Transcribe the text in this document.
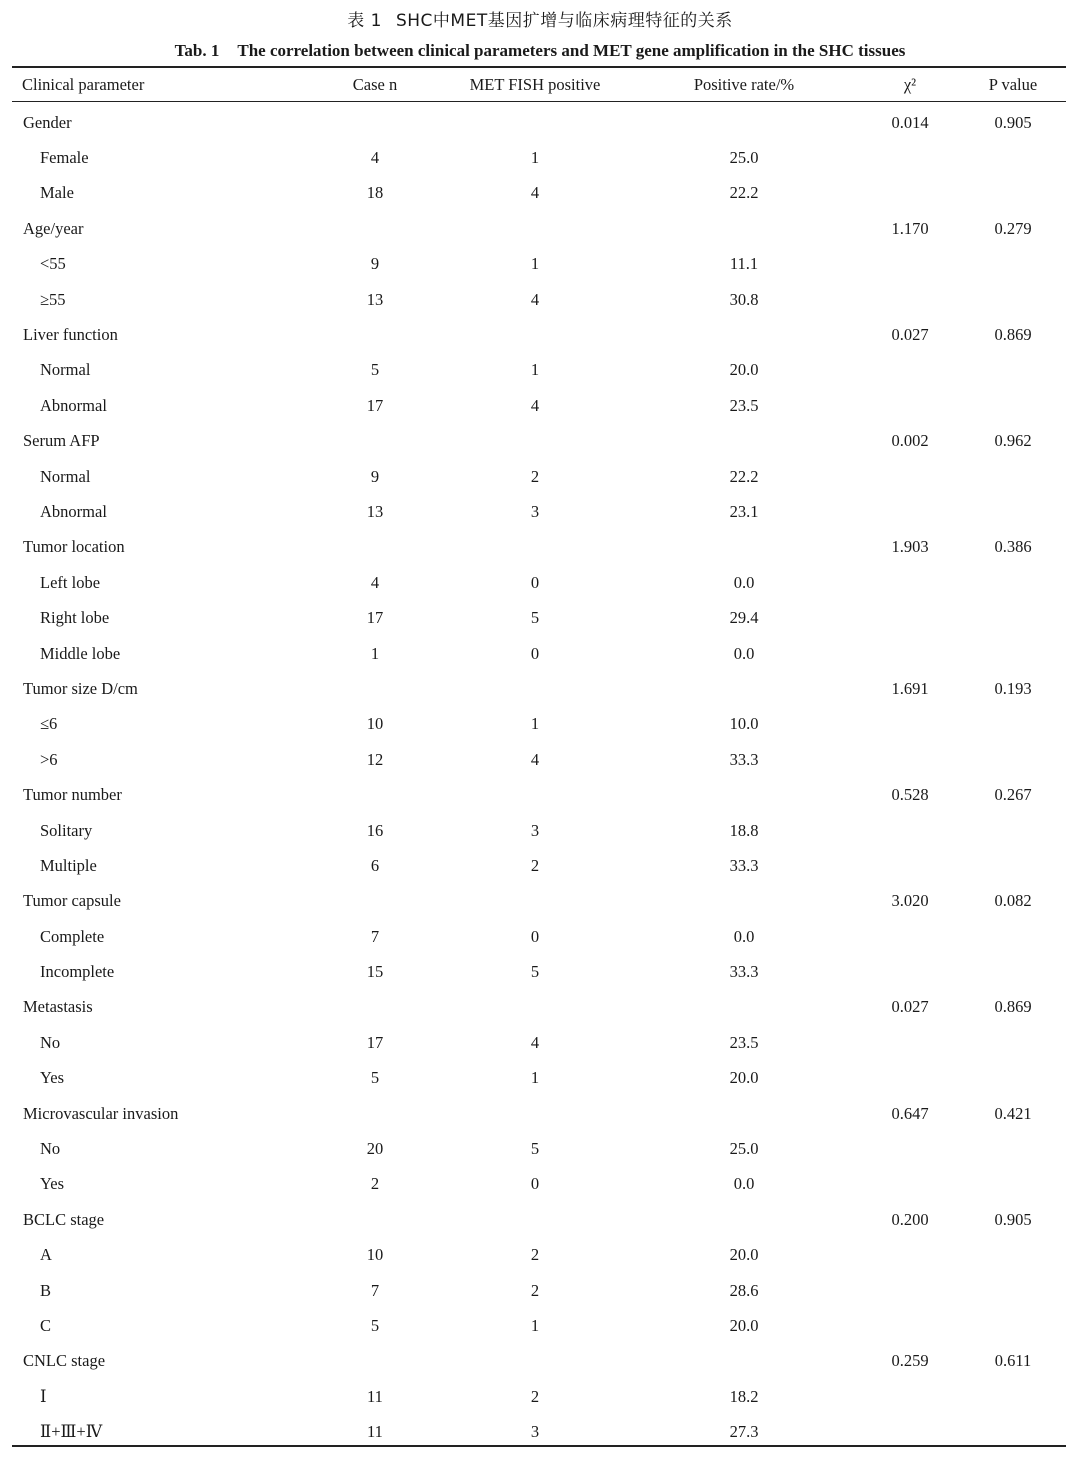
表 1 SHC中MET基因扩增与临床病理特征的关系
Tab. 1 The correlation between clinical parameters and MET gene amplification in the SHC tissues
Clinical parameter	Case n	MET FISH positive	Positive rate/%	χ²	P value
Gender				0.014	0.905
Female	4	1	25.0		
Male	18	4	22.2		
Age/year				1.170	0.279
<55	9	1	11.1		
≥55	13	4	30.8		
Liver function				0.027	0.869
Normal	5	1	20.0		
Abnormal	17	4	23.5		
Serum AFP				0.002	0.962
Normal	9	2	22.2		
Abnormal	13	3	23.1		
Tumor location				1.903	0.386
Left lobe	4	0	0.0		
Right lobe	17	5	29.4		
Middle lobe	1	0	0.0		
Tumor size D/cm				1.691	0.193
≤6	10	1	10.0		
>6	12	4	33.3		
Tumor number				0.528	0.267
Solitary	16	3	18.8		
Multiple	6	2	33.3		
Tumor capsule				3.020	0.082
Complete	7	0	0.0		
Incomplete	15	5	33.3		
Metastasis				0.027	0.869
No	17	4	23.5		
Yes	5	1	20.0		
Microvascular invasion				0.647	0.421
No	20	5	25.0		
Yes	2	0	0.0		
BCLC stage				0.200	0.905
A	10	2	20.0		
B	7	2	28.6		
C	5	1	20.0		
CNLC stage				0.259	0.611
Ⅰ	11	2	18.2		
Ⅱ+Ⅲ+Ⅳ	11	3	27.3		
